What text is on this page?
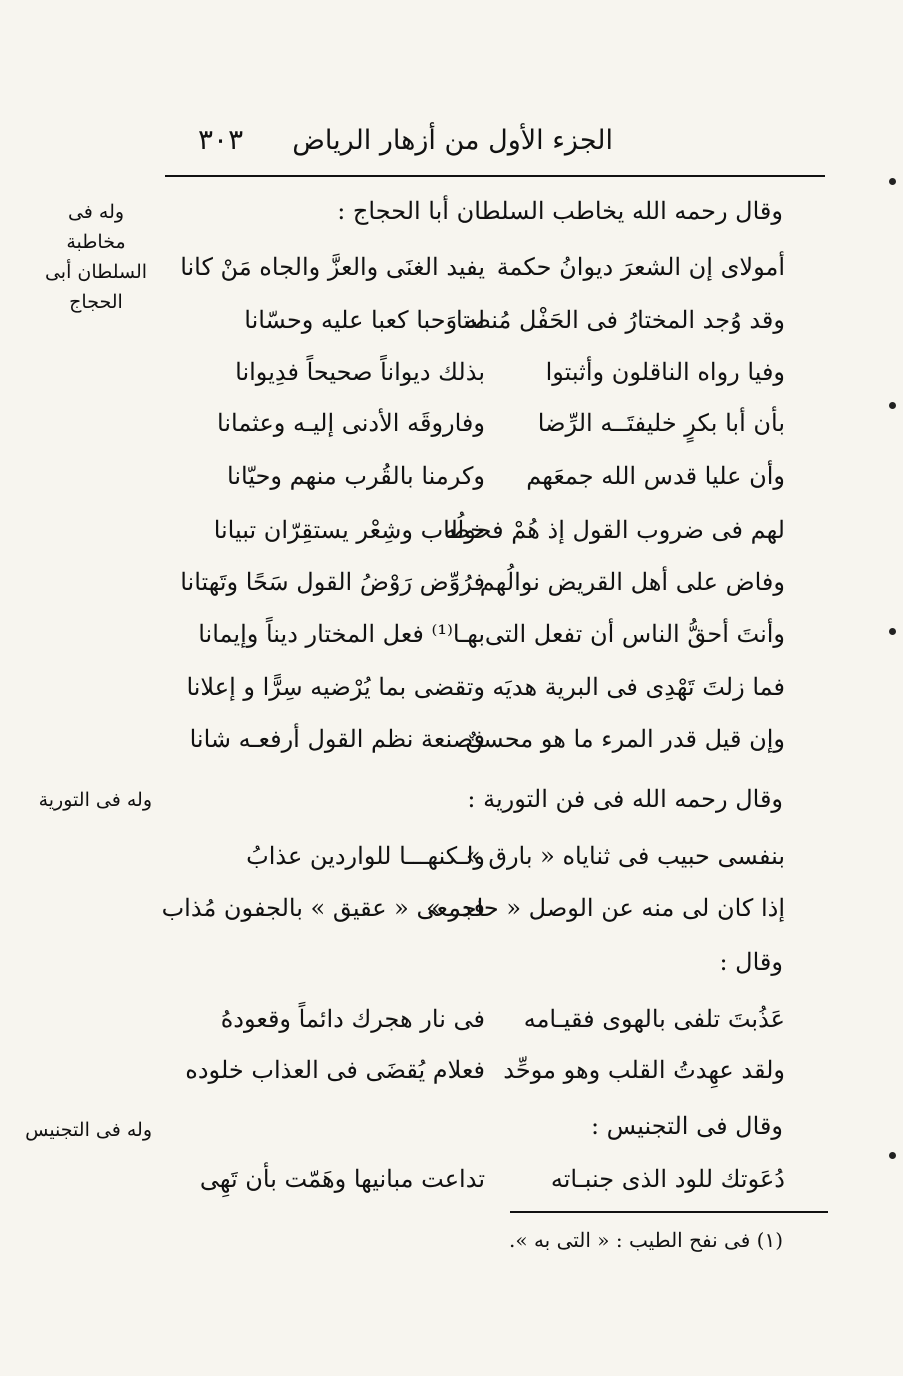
الجزء الأول من أزهار الرياض
٣٠٣
وله فى مخاطبة السلطان أبى الحجاج
وله فى التورية
وله فى التجنيس
وقال رحمه الله يخاطب السلطان أبا الحجاج :
أمولاى إن الشعرَ ديوانُ حكمة
يفيد الغنَى والعزَّ والجاه مَنْ كانا
وقد وُجد المختارُ فى الحَفْل مُنصتا
له وَحبا كعبا عليه وحسّانا
وفيا رواه الناقلون وأثبتوا
بذلك ديواناً صحيحاً فدِيوانا
بأن أبا بكرٍ خليفتَــه الرِّضا
وفاروقَه الأدنى إليـه وعثمانا
وأن عليا قدس الله جمعَهم
وكرمنا بالقُرب منهم وحيّانا
لهم فى ضروب القول إذ هُمْ فحولُه
خطاب وشِعْر يستقِرّان تبيانا
وفاض على أهل القريض نوالُهم
فرُوِّض رَوْضُ القول سَحًا وتَهتانا
وأنتَ أحقُّ الناس أن تفعل التى
بهـا⁽¹⁾ فعل المختار ديناً وإيمانا
فما زلتَ تَهْدِى فى البرية هديَه
وتقضى بما يُرْضيه سِرًّا و إعلانا
وإن قيل قدر المرء ما هو محسنٌ
فصنعة نظم القول أرفعـه شانا
وقال رحمه الله فى فن التورية :
بنفسى حبيب فى ثناياه « بارق »
ولـكنهـــا للواردين عذابُ
إذا كان لى منه عن الوصل « حاجر »
فدمعى « عقيق » بالجفون مُذاب
وقال :
عَذُبتَ تلفى بالهوى فقيـامه
فى نار هجرك دائماً وقعودهُ
ولقد عهِدتُ القلب وهو موحِّد
فعلام يُقضَى فى العذاب خلوده
وقال فى التجنيس :
دُعَوتك للود الذى جنبـاته
تداعت مبانيها وهَمّت بأن تَهِى
(١) فى نفح الطيب : « التى به ».
